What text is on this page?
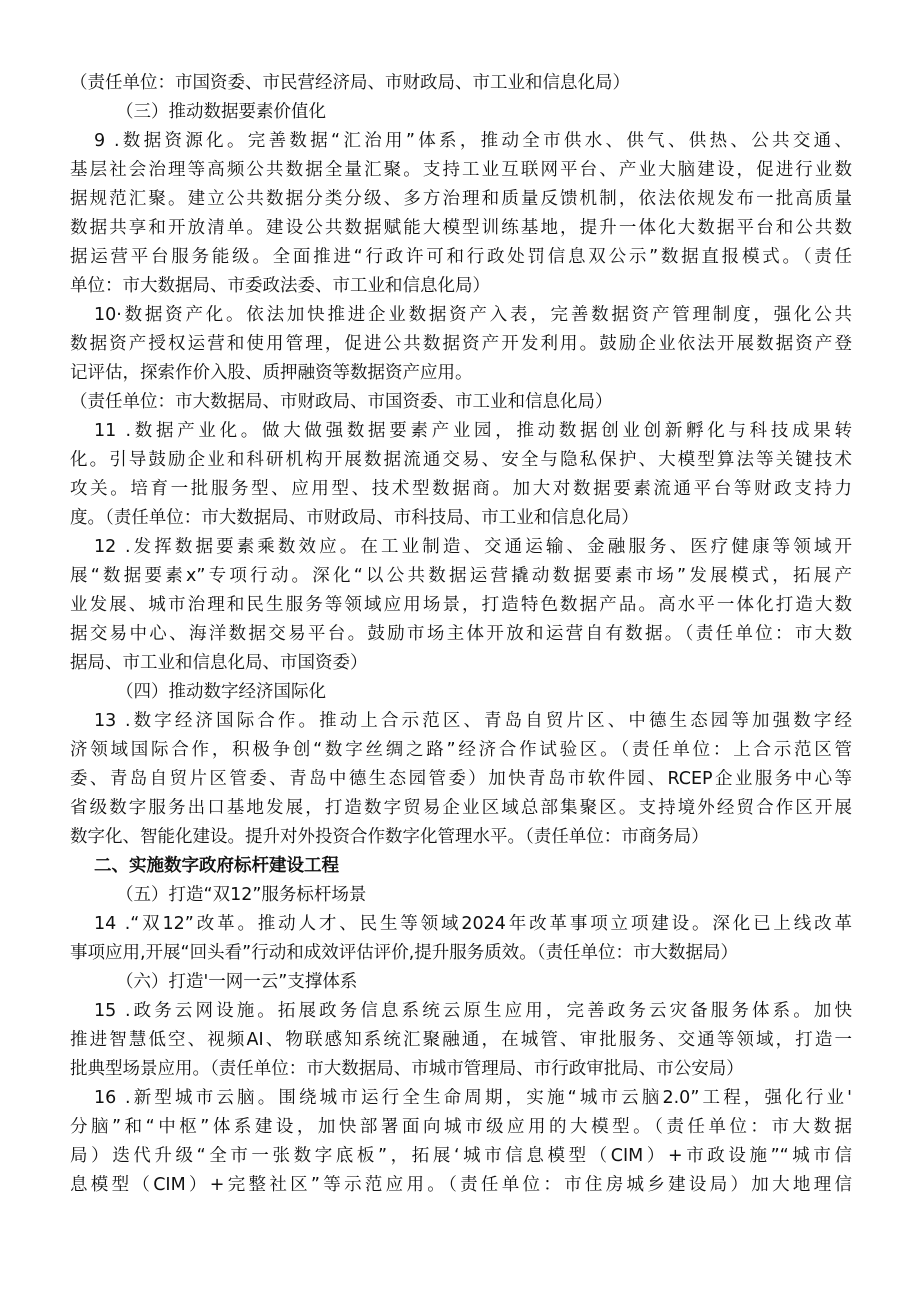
（责任单位：市国资委、市民营经济局、市财政局、市工业和信息化局）
（三）推动数据要素价值化
9 .数据资源化。完善数据“汇治用”体系，推动全市供水、供气、供热、公共交通、
基层社会治理等高频公共数据全量汇聚。支持工业互联网平台、产业大脑建设，促进行业数
据规范汇聚。建立公共数据分类分级、多方治理和质量反馈机制，依法依规发布一批高质量
数据共享和开放清单。建设公共数据赋能大模型训练基地，提升一体化大数据平台和公共数
据运营平台服务能级。全面推进“行政许可和行政处罚信息双公示”数据直报模式。（责任
单位：市大数据局、市委政法委、市工业和信息化局）
10·数据资产化。依法加快推进企业数据资产入表，完善数据资产管理制度，强化公共
数据资产授权运营和使用管理，促进公共数据资产开发利用。鼓励企业依法开展数据资产登
记评估，探索作价入股、质押融资等数据资产应用。
（责任单位：市大数据局、市财政局、市国资委、市工业和信息化局）
11 .数据产业化。做大做强数据要素产业园，推动数据创业创新孵化与科技成果转
化。引导鼓励企业和科研机构开展数据流通交易、安全与隐私保护、大模型算法等关键技术
攻关。培育一批服务型、应用型、技术型数据商。加大对数据要素流通平台等财政支持力
度。（责任单位：市大数据局、市财政局、市科技局、市工业和信息化局）
12 .发挥数据要素乘数效应。在工业制造、交通运输、金融服务、医疗健康等领域开
展“数据要素x”专项行动。深化“以公共数据运营撬动数据要素市场”发展模式，拓展产
业发展、城市治理和民生服务等领域应用场景，打造特色数据产品。高水平一体化打造大数
据交易中心、海洋数据交易平台。鼓励市场主体开放和运营自有数据。（责任单位：市大数
据局、市工业和信息化局、市国资委）
（四）推动数字经济国际化
13 .数字经济国际合作。推动上合示范区、青岛自贸片区、中德生态园等加强数字经
济领域国际合作，积极争创“数字丝绸之路”经济合作试验区。（责任单位：上合示范区管
委、青岛自贸片区管委、青岛中德生态园管委）加快青岛市软件园、RCEP企业服务中心等
省级数字服务出口基地发展，打造数字贸易企业区域总部集聚区。支持境外经贸合作区开展
数字化、智能化建设。提升对外投资合作数字化管理水平。（责任单位：市商务局）
二、实施数字政府标杆建设工程
（五）打造“双12”服务标杆场景
14 .“双12”改革。推动人才、民生等领域2024年改革事项立项建设。深化已上线改革
事项应用,开展“回头看”行动和成效评估评价,提升服务质效。（责任单位：市大数据局）
（六）打造'一网一云”支撑体系
15 .政务云网设施。拓展政务信息系统云原生应用，完善政务云灾备服务体系。加快
推进智慧低空、视频AI、物联感知系统汇聚融通，在城管、审批服务、交通等领域，打造一
批典型场景应用。（责任单位：市大数据局、市城市管理局、市行政审批局、市公安局）
16 .新型城市云脑。围绕城市运行全生命周期，实施“城市云脑2.0”工程，强化行业'
分脑”和“中枢”体系建设，加快部署面向城市级应用的大模型。（责任单位：市大数据
局）迭代升级“全市一张数字底板”，拓展‘城市信息模型（CIM）+市政设施”“城市信
息模型（CIM）+完整社区”等示范应用。（责任单位：市住房城乡建设局）加大地理信
